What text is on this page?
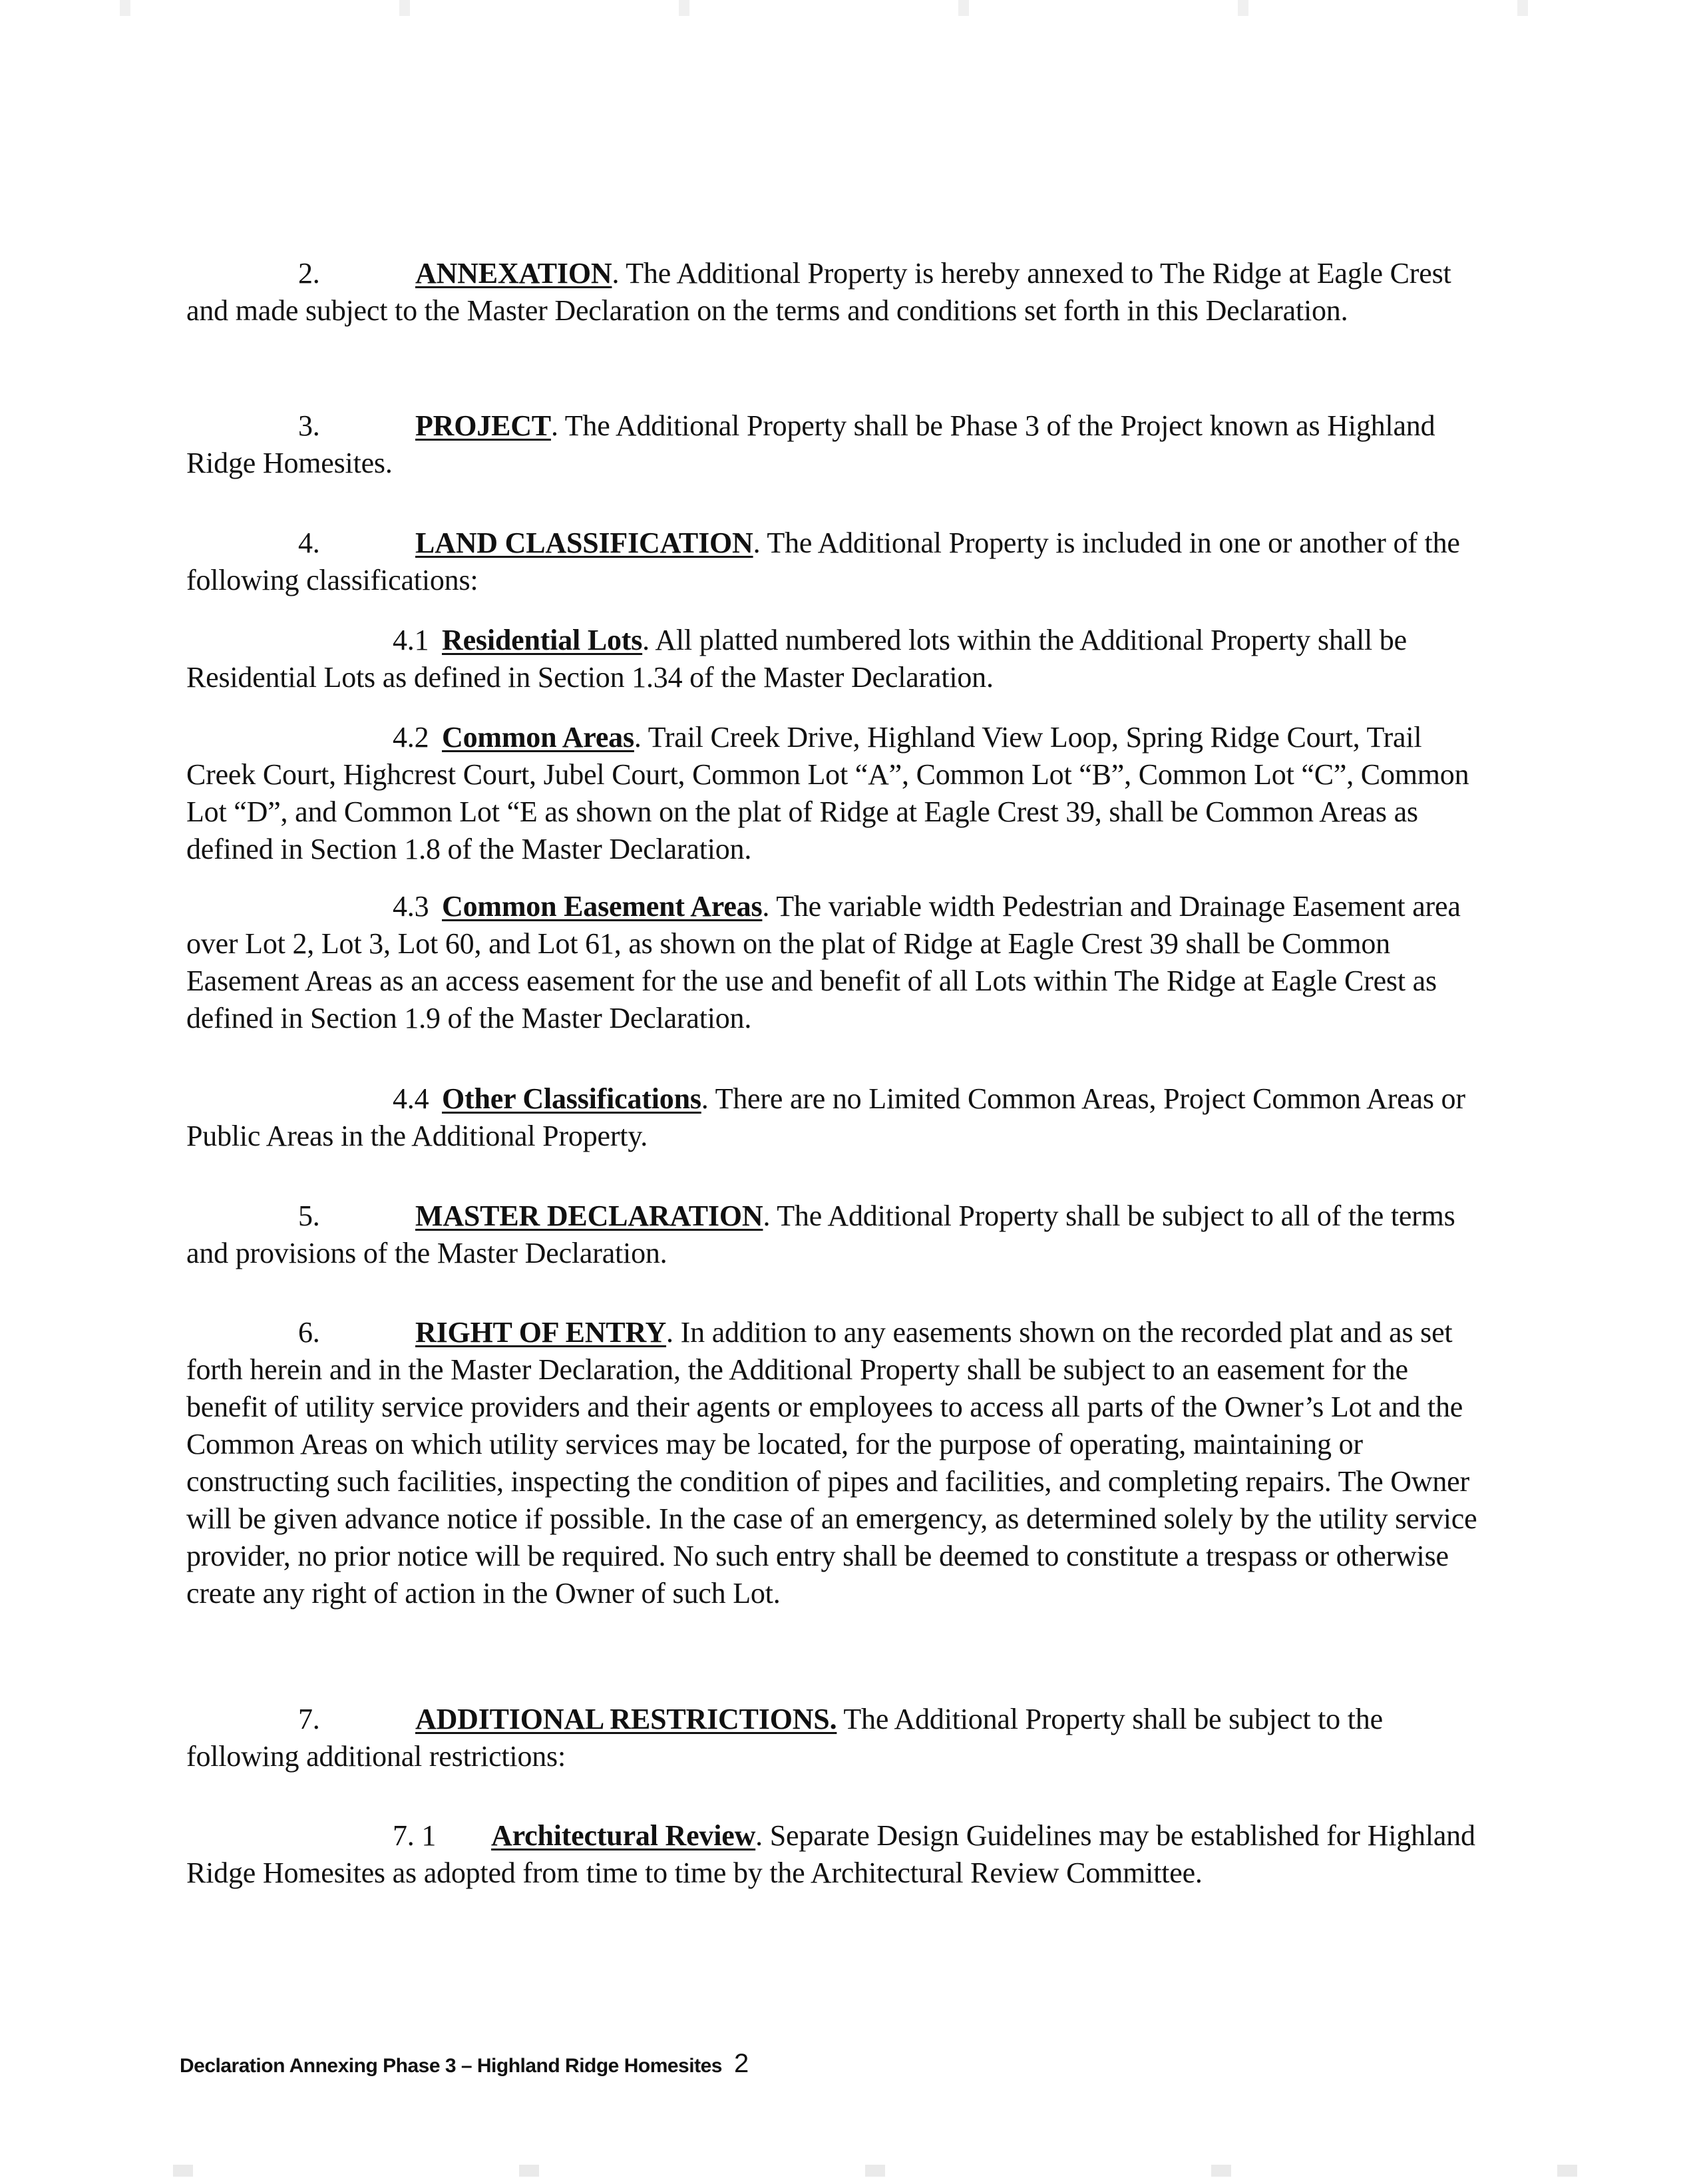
2.	ANNEXATION. The Additional Property is hereby annexed to The Ridge at Eagle Crest and made subject to the Master Declaration on the terms and conditions set forth in this Declaration.
3.	PROJECT. The Additional Property shall be Phase 3 of the Project known as Highland Ridge Homesites.
4.	LAND CLASSIFICATION. The Additional Property is included in one or another of the following classifications:
4.1 Residential Lots. All platted numbered lots within the Additional Property shall be Residential Lots as defined in Section 1.34 of the Master Declaration.
4.2 Common Areas. Trail Creek Drive, Highland View Loop, Spring Ridge Court, Trail Creek Court, Highcrest Court, Jubel Court, Common Lot “A”, Common Lot “B”, Common Lot “C”, Common Lot “D”, and Common Lot “E as shown on the plat of Ridge at Eagle Crest 39, shall be Common Areas as defined in Section 1.8 of the Master Declaration.
4.3 Common Easement Areas. The variable width Pedestrian and Drainage Easement area over Lot 2, Lot 3, Lot 60, and Lot 61, as shown on the plat of Ridge at Eagle Crest 39 shall be Common Easement Areas as an access easement for the use and benefit of all Lots within The Ridge at Eagle Crest as defined in Section 1.9 of the Master Declaration.
4.4 Other Classifications. There are no Limited Common Areas, Project Common Areas or Public Areas in the Additional Property.
5.	MASTER DECLARATION. The Additional Property shall be subject to all of the terms and provisions of the Master Declaration.
6.	RIGHT OF ENTRY. In addition to any easements shown on the recorded plat and as set forth herein and in the Master Declaration, the Additional Property shall be subject to an easement for the benefit of utility service providers and their agents or employees to access all parts of the Owner’s Lot and the Common Areas on which utility services may be located, for the purpose of operating, maintaining or constructing such facilities, inspecting the condition of pipes and facilities, and completing repairs. The Owner will be given advance notice if possible. In the case of an emergency, as determined solely by the utility service provider, no prior notice will be required. No such entry shall be deemed to constitute a trespass or otherwise create any right of action in the Owner of such Lot.
7.	ADDITIONAL RESTRICTIONS. The Additional Property shall be subject to the following additional restrictions:
7. 1 Architectural Review. Separate Design Guidelines may be established for Highland Ridge Homesites as adopted from time to time by the Architectural Review Committee.
Declaration Annexing Phase 3 – Highland Ridge Homesites 2
